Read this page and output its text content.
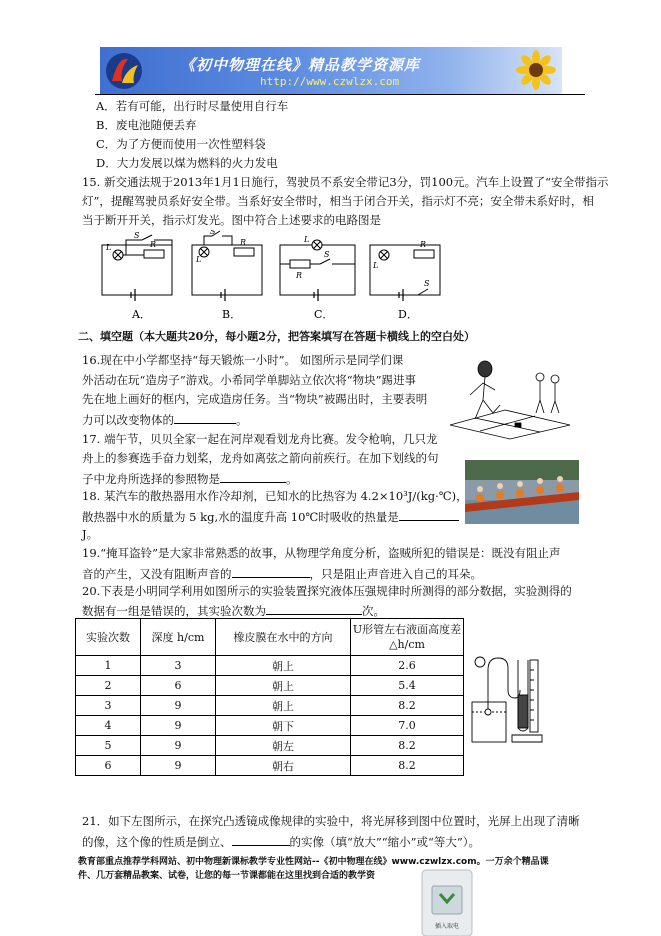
《初中物理在线》精品教学资源库
http://www.czwlzx.com
A．若有可能，出行时尽量使用自行车
B．废电池随便丢弃
C．为了方便而使用一次性塑料袋
D．大力发展以煤为燃料的火力发电
15. 新交通法规于2013年1月1日施行，驾驶员不系安全带记3分，罚100元。汽车上设置了“安全带指示
灯”，提醒驾驶员系好安全带。当系好安全带时，相当于闭合开关，指示灯不亮；安全带未系好时，相
当于断开开关，指示灯发光。图中符合上述要求的电路图是
L	R
S
L
R
S
L
R
S
L
R
S
A．	B．	C．	D．
二、填空题（本大题共20分，每小题2分，把答案填写在答题卡横线上的空白处）
16.现在中小学都坚持“每天锻炼一小时”。 如图所示是同学们课
外活动在玩“造房子”游戏。小希同学单脚站立依次将“物块”踢进事
先在地上画好的框内，完成造房任务。当“物块”被踢出时，主要表明
力可以改变物体的	。
17. 端午节，贝贝全家一起在河岸观看划龙舟比赛。发令枪响，几只龙
舟上的参赛选手奋力划桨，龙舟如离弦之箭向前疾行。在加下划线的句
子中龙舟所选择的参照物是	。
18. 某汽车的散热器用水作冷却剂，已知水的比热容为 4.2×10³J/(kg·℃)，
散热器中水的质量为 5 kg,水的温度升高 10℃时吸收的热量是
J。
19.“掩耳盗铃”是大家非常熟悉的故事，从物理学角度分析，盗贼所犯的错误是：既没有阻止声
音的产生，又没有阻断声音的	，只是阻止声音进入自己的耳朵。
20.下表是小明同学利用如图所示的实验装置探究液体压强规律时所测得的部分数据，实验测得的
数据有一组是错误的，其实验次数为	次。
实验次数	深度 h/cm	橡皮膜在水中的方向	U形管左右液面高度差△h/cm
1	3	朝上	2.6
2	6	朝上	5.4
3	9	朝上	8.2
4	9	朝下	7.0
5	9	朝左	8.2
6	9	朝右	8.2
21．如下左图所示，在探究凸透镜成像规律的实验中，将光屏移到图中位置时，光屏上出现了清晰
的像，这个像的性质是倒立、	的实像（填“放大”“缩小”或“等大”）。
教育部重点推荐学科网站、初中物理新课标教学专业性网站--《初中物理在线》www.czwlzx.com。一万余个精品课
件、几万套精品教案、试卷，让您的每一节课都能在这里找到合适的教学资
插入取电
